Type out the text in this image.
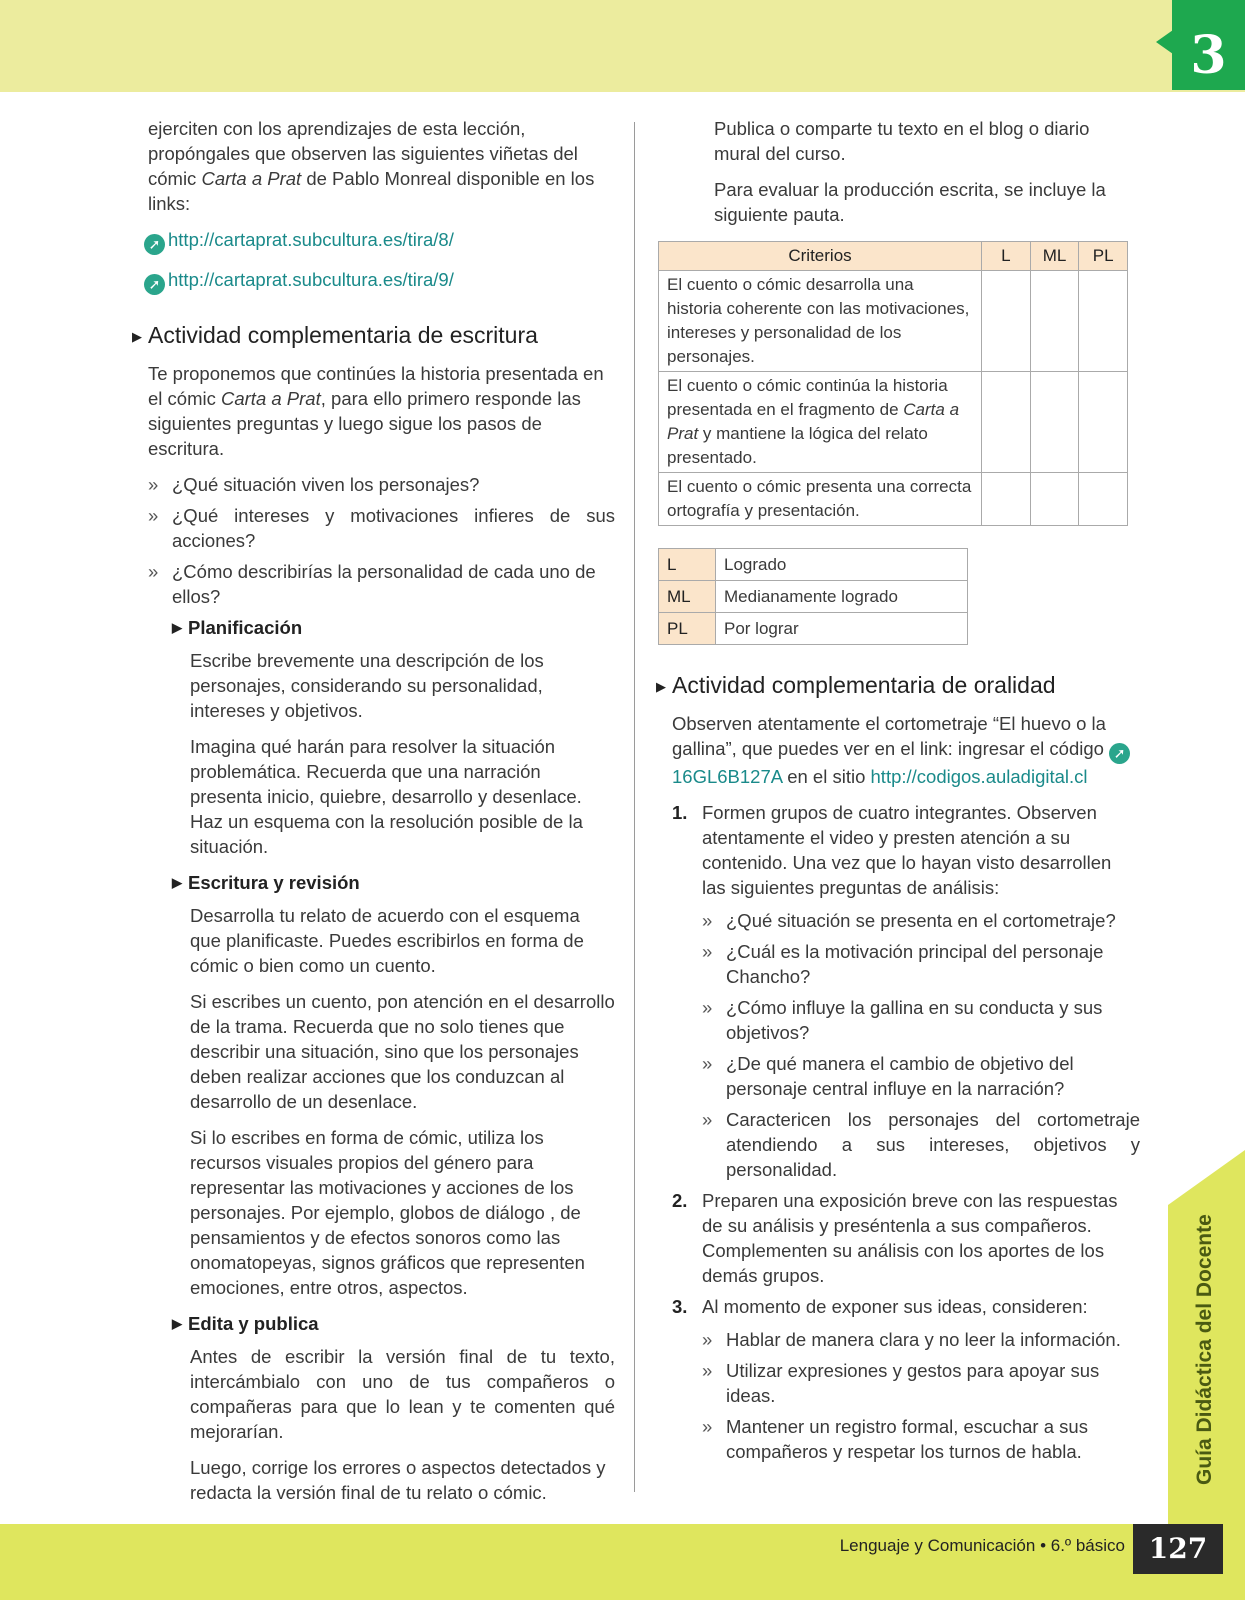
3

ejerciten con los aprendizajes de esta lección, propóngales que observen las siguientes viñetas del cómic Carta a Prat de Pablo Monreal disponible en los links:

➚ http://cartaprat.subcultura.es/tira/8/
➚ http://cartaprat.subcultura.es/tira/9/
▶ Actividad complementaria de escritura

Te proponemos que continúes la historia presentada en el cómic Carta a Prat, para ello primero responde las siguientes preguntas y luego sigue los pasos de escritura.

» ¿Qué situación viven los personajes?
» ¿Qué intereses y motivaciones infieres de sus acciones?
» ¿Cómo describirías la personalidad de cada uno de ellos?
▶ Planificación

Escribe brevemente una descripción de los personajes, considerando su personalidad, intereses y objetivos.

Imagina qué harán para resolver la situación problemática. Recuerda que una narración presenta inicio, quiebre, desarrollo y desenlace. Haz un esquema con la resolución posible de la situación.

▶ Escritura y revisión

Desarrolla tu relato de acuerdo con el esquema que planificaste. Puedes escribirlos en forma de cómic o bien como un cuento.

Si escribes un cuento, pon atención en el desarrollo de la trama. Recuerda que no solo tienes que describir una situación, sino que los personajes deben realizar acciones que los conduzcan al desarrollo de un desenlace.

Si lo escribes en forma de cómic, utiliza los recursos visuales propios del género para representar las motivaciones y acciones de los personajes. Por ejemplo, globos de diálogo , de pensamientos y de efectos sonoros como las onomatopeyas, signos gráficos que representen emociones, entre otros, aspectos.

▶ Edita y publica

Antes de escribir la versión final de tu texto, intercámbialo con uno de tus compañeros o compañeras para que lo lean y te comenten qué mejorarían.

Luego, corrige los errores o aspectos detectados y redacta la versión final de tu relato o cómic.

Publica o comparte tu texto en el blog o diario mural del curso.

Para evaluar la producción escrita, se incluye la siguiente pauta.

Criterios	L	ML	PL
El cuento o cómic desarrolla una historia coherente con las motivaciones, intereses y personalidad de los personajes.			
El cuento o cómic continúa la historia presentada en el fragmento de Carta a Prat y mantiene la lógica del relato presentado.			
El cuento o cómic presenta una correcta ortografía y presentación.			
L	Logrado
ML	Medianamente logrado
PL	Por lograr
▶ Actividad complementaria de oralidad

Observen atentamente el cortometraje “El huevo o la gallina”, que puedes ver en el link: ingresar el código ➚16GL6B127A en el sitio http://codigos.auladigital.cl

1. Formen grupos de cuatro integrantes. Observen atentamente el video y presten atención a su contenido. Una vez que lo hayan visto desarrollen las siguientes preguntas de análisis:
» ¿Qué situación se presenta en el cortometraje?
» ¿Cuál es la motivación principal del personaje Chancho?
» ¿Cómo influye la gallina en su conducta y sus objetivos?
» ¿De qué manera el cambio de objetivo del personaje central influye en la narración?
» Caractericen los personajes del cortometraje atendiendo a sus intereses, objetivos y personalidad.
2. Preparen una exposición breve con las respuestas de su análisis y preséntenla a sus compañeros. Complementen su análisis con los aportes de los demás grupos.
3. Al momento de exponer sus ideas, consideren:
» Hablar de manera clara y no leer la información.
» Utilizar expresiones y gestos para apoyar sus ideas.
» Mantener un registro formal, escuchar a sus compañeros y respetar los turnos de habla.	Guía Didáctica del Docente
Lenguaje y Comunicación • 6.º básico 127
